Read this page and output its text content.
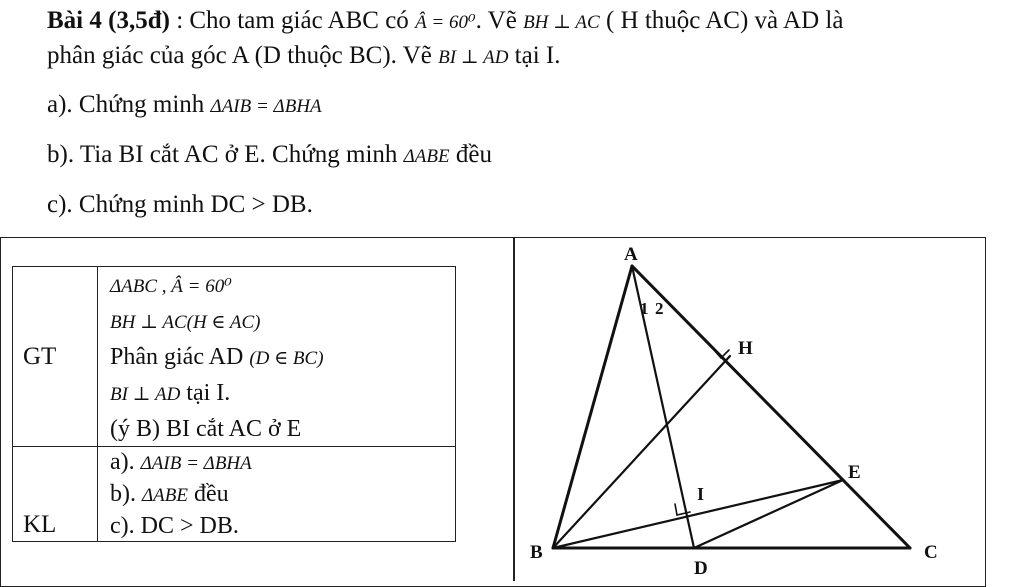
Bài 4 (3,5đ) : Cho tam giác ABC có Â = 60⁰. Vẽ BH ⊥ AC ( H thuộc AC) và AD là
phân giác của góc A (D thuộc BC). Vẽ BI ⊥ AD tại I.
a). Chứng minh ΔAIB = ΔBHA
b). Tia BI cắt AC ở E. Chứng minh ΔABE đều
c). Chứng minh DC > DB.
GT	ΔABC , Â = 60⁰
BH ⊥ AC(H ∈ AC)
Phân giác AD (D ∈ BC)
BI ⊥ AD tại I.
(ý B) BI cắt AC ở E

KL	a). ΔAIB = ΔBHA
b). ΔABE đều
c). DC > DB.
A
B	C
D
E
H
I
1 2
